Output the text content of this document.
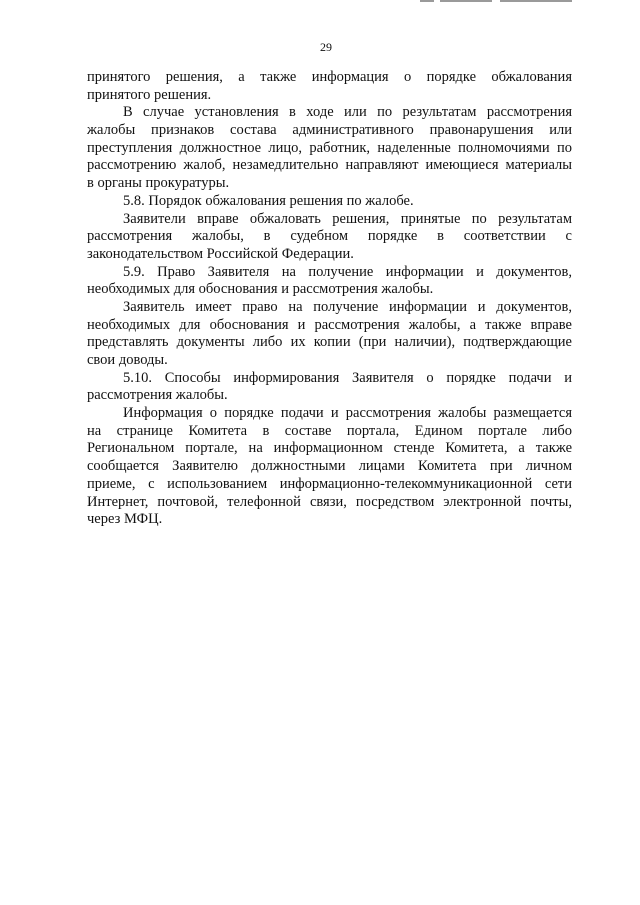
29

принятого решения, а также информация о порядке обжалования
принятого решения.

В случае установления в ходе или по результатам рассмотрения
жалобы признаков состава административного правонарушения или
преступления должностное лицо, работник, наделенные полномочиями по
рассмотрению жалоб, незамедлительно направляют имеющиеся материалы
в органы прокуратуры.

5.8. Порядок обжалования решения по жалобе.

Заявители вправе обжаловать решения, принятые по результатам
рассмотрения жалобы, в судебном порядке в соответствии с
законодательством Российской Федерации.

5.9. Право Заявителя на получение информации и документов,
необходимых для обоснования и рассмотрения жалобы.

Заявитель имеет право на получение информации и документов,
необходимых для обоснования и рассмотрения жалобы, а также вправе
представлять документы либо их копии (при наличии), подтверждающие
свои доводы.

5.10. Способы информирования Заявителя о порядке подачи и
рассмотрения жалобы.

Информация о порядке подачи и рассмотрения жалобы размещается
на странице Комитета в составе портала, Едином портале либо
Региональном портале, на информационном стенде Комитета, а также
сообщается Заявителю должностными лицами Комитета при личном
приеме, с использованием информационно-телекоммуникационной сети
Интернет, почтовой, телефонной связи, посредством электронной почты,
через МФЦ.
